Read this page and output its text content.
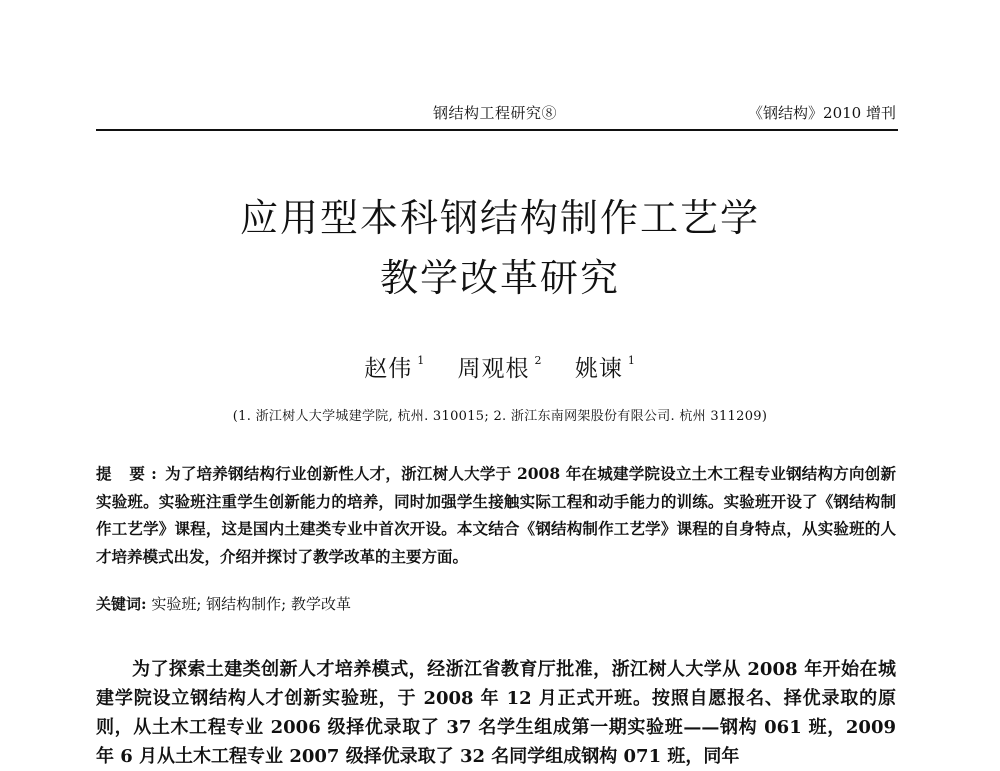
钢结构工程研究⑧	《钢结构》2010 增刊
应用型本科钢结构制作工艺学
教学改革研究
赵伟 $^1$ 周观根 $^2$ 姚谏 $^1$
(1. 浙江树人大学城建学院, 杭州. 310015; 2. 浙江东南网架股份有限公司. 杭州 311209)
提 要: 为了培养钢结构行业创新性人才，浙江树人大学于 2008 年在城建学院设立土木工程专业钢结构方向创新实验班。实验班注重学生创新能力的培养，同时加强学生接触实际工程和动手能力的训练。实验班开设了《钢结构制作工艺学》课程，这是国内土建类专业中首次开设。本文结合《钢结构制作工艺学》课程的自身特点，从实验班的人才培养模式出发，介绍并探讨了教学改革的主要方面。
关键词: 实验班; 钢结构制作; 教学改革

为了探索土建类创新人才培养模式，经浙江省教育厅批准，浙江树人大学从 2008 年开始在城建学院设立钢结构人才创新实验班，于 2008 年 12 月正式开班。按照自愿报名、择优录取的原则，从土木工程专业 2006 级择优录取了 37 名学生组成第一期实验班——钢构 061 班，2009 年 6 月从土木工程专业 2007 级择优录取了 32 名同学组成钢构 071 班，同年
